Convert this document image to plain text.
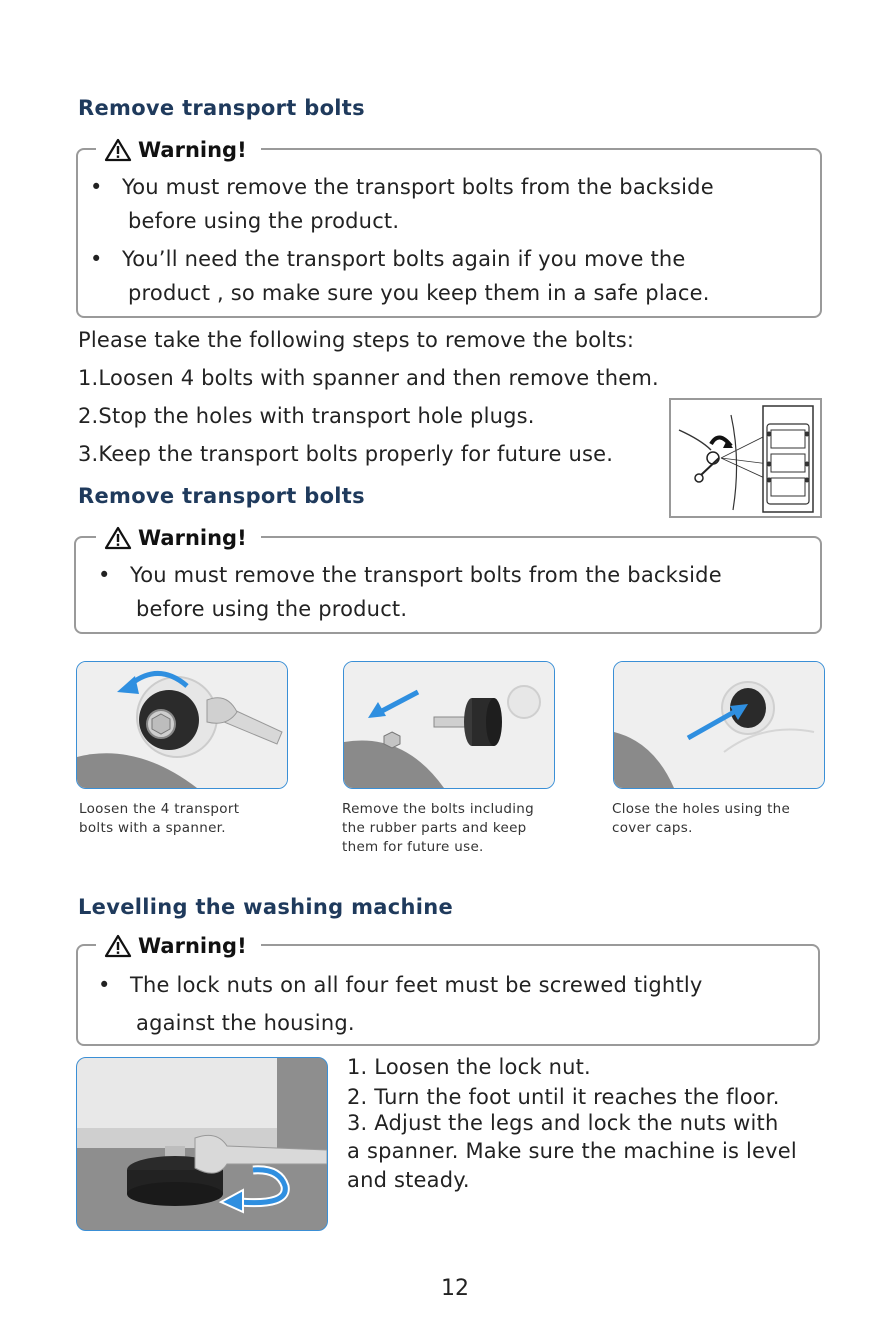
Remove transport bolts
Warning!
• You must remove the transport bolts from the backside
before using the product.
• You’ll need the transport bolts again if you move the
product , so make sure you keep them in a safe place.
Please take the following steps to remove the bolts:
1.Loosen 4 bolts with spanner and then remove them.
2.Stop the holes with transport hole plugs.
3.Keep the transport bolts properly for future use.
Remove transport bolts
Warning!
• You must remove the transport bolts from the backside
before using the product.
Loosen the 4 transport
bolts with a spanner.
Remove the bolts including
the rubber parts and keep
them for future use.
Close the holes using the
cover caps.
Levelling the washing machine
Warning!
• The lock nuts on all four feet must be screwed tightly
against the housing.
1. Loosen the lock nut.
2. Turn the foot until it reaches the floor.
3. Adjust the legs and lock the nuts with
a spanner. Make sure the machine is level
and steady.
12
